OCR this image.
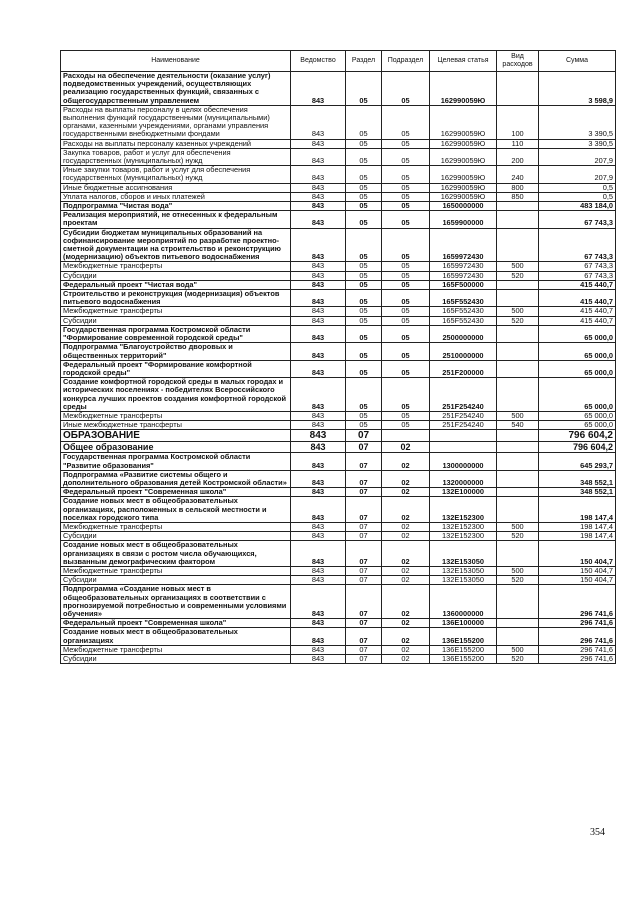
Наименование	Ведомство	Раздел	Подраздел	Целевая статья	Вид расходов	Сумма
Расходы на обеспечение деятельности (оказание услуг) подведомственных учреждений, осуществляющих реализацию государственных функций, связанных с общегосударственным управлением	843	05	05	162990059Ю		3 598,9
Расходы на выплаты персоналу в целях обеспечения выполнения функций государственными (муниципальными) органами, казенными учреждениями, органами управления государственными внебюджетными фондами	843	05	05	162990059Ю	100	3 390,5
Расходы на выплаты персоналу казенных учреждений	843	05	05	162990059Ю	110	3 390,5
Закупка товаров, работ и услуг для обеспечения государственных (муниципальных) нужд	843	05	05	162990059Ю	200	207,9
Иные закупки товаров, работ и услуг для обеспечения государственных (муниципальных) нужд	843	05	05	162990059Ю	240	207,9
Иные бюджетные ассигнования	843	05	05	162990059Ю	800	0,5
Уплата налогов, сборов и иных платежей	843	05	05	162990059Ю	850	0,5
Подпрограмма "Чистая вода"	843	05	05	1650000000		483 184,0
Реализация мероприятий, не отнесенных к федеральным проектам	843	05	05	1659900000		67 743,3
Субсидии бюджетам муниципальных образований на софинансирование мероприятий по разработке проектно-сметной документации на строительство и реконструкцию (модернизацию) объектов питьевого водоснабжения	843	05	05	1659972430		67 743,3
Межбюджетные трансферты	843	05	05	1659972430	500	67 743,3
Субсидии	843	05	05	1659972430	520	67 743,3
Федеральный проект "Чистая вода"	843	05	05	165F500000		415 440,7
Строительство и реконструкция (модернизация) объектов питьевого водоснабжения	843	05	05	165F552430		415 440,7
Межбюджетные трансферты	843	05	05	165F552430	500	415 440,7
Субсидии	843	05	05	165F552430	520	415 440,7
Государственная программа Костромской области "Формирование современной городской среды"	843	05	05	2500000000		65 000,0
Подпрограмма "Благоустройство дворовых и общественных территорий"	843	05	05	2510000000		65 000,0
Федеральный проект "Формирование комфортной городской среды"	843	05	05	251F200000		65 000,0
Создание комфортной городской среды в малых городах и исторических поселениях - победителях Всероссийского конкурса лучших проектов создания комфортной городской среды	843	05	05	251F254240		65 000,0
Межбюджетные трансферты	843	05	05	251F254240	500	65 000,0
Иные межбюджетные трансферты	843	05	05	251F254240	540	65 000,0
ОБРАЗОВАНИЕ	843	07				796 604,2
Общее образование	843	07	02			796 604,2
Государственная программа Костромской области "Развитие образования"	843	07	02	1300000000		645 293,7
Подпрограмма «Развитие системы общего и дополнительного образования детей Костромской области»	843	07	02	1320000000		348 552,1
Федеральный проект "Современная школа"	843	07	02	132E100000		348 552,1
Создание новых мест в общеобразовательных организациях, расположенных в сельской местности и поселках городского типа	843	07	02	132E152300		198 147,4
Межбюджетные трансферты	843	07	02	132E152300	500	198 147,4
Субсидии	843	07	02	132E152300	520	198 147,4
Создание новых мест в общеобразовательных организациях в связи с ростом числа обучающихся, вызванным демографическим фактором	843	07	02	132E153050		150 404,7
Межбюджетные трансферты	843	07	02	132E153050	500	150 404,7
Субсидии	843	07	02	132E153050	520	150 404,7
Подпрограмма «Создание новых мест в общеобразовательных организациях в соответствии с прогнозируемой потребностью и современными условиями обучения»	843	07	02	1360000000		296 741,6
Федеральный проект "Современная школа"	843	07	02	136E100000		296 741,6
Создание новых мест в общеобразовательных организациях	843	07	02	136E155200		296 741,6
Межбюджетные трансферты	843	07	02	136E155200	500	296 741,6
Субсидии	843	07	02	136E155200	520	296 741,6
354
